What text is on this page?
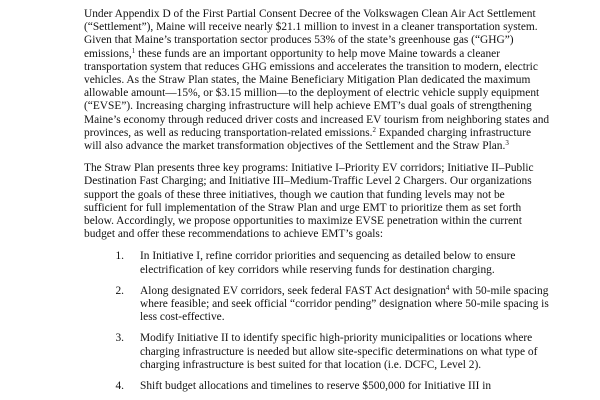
Under Appendix D of the First Partial Consent Decree of the Volkswagen Clean Air Act Settlement (“Settlement”), Maine will receive nearly $21.1 million to invest in a cleaner transportation system. Given that Maine’s transportation sector produces 53% of the state’s greenhouse gas (“GHG”) emissions,$^1$ these funds are an important opportunity to help move Maine towards a cleaner transportation system that reduces GHG emissions and accelerates the transition to modern, electric vehicles. As the Straw Plan states, the Maine Beneficiary Mitigation Plan dedicated the maximum allowable amount—15%, or $3.15 million—to the deployment of electric vehicle supply equipment (“EVSE”). Increasing charging infrastructure will help achieve EMT’s dual goals of strengthening Maine’s economy through reduced driver costs and increased EV tourism from neighboring states and provinces, as well as reducing transportation-related emissions.$^2$ Expanded charging infrastructure will also advance the market transformation objectives of the Settlement and the Straw Plan.$^3$

The Straw Plan presents three key programs: Initiative I–Priority EV corridors; Initiative II–Public Destination Fast Charging; and Initiative III–Medium-Traffic Level 2 Chargers. Our organizations support the goals of these three initiatives, though we caution that funding levels may not be sufficient for full implementation of the Straw Plan and urge EMT to prioritize them as set forth below. Accordingly, we propose opportunities to maximize EVSE penetration within the current budget and offer these recommendations to achieve EMT’s goals:

1. In Initiative I, refine corridor priorities and sequencing as detailed below to ensure electrification of key corridors while reserving funds for destination charging.
2. Along designated EV corridors, seek federal FAST Act designation$^4$ with 50-mile spacing where feasible; and seek official “corridor pending” designation where 50-mile spacing is less cost-effective.
3. Modify Initiative II to identify specific high-priority municipalities or locations where charging infrastructure is needed but allow site-specific determinations on what type of charging infrastructure is best suited for that location (i.e. DCFC, Level 2).
4. Shift budget allocations and timelines to reserve $500,000 for Initiative III in
